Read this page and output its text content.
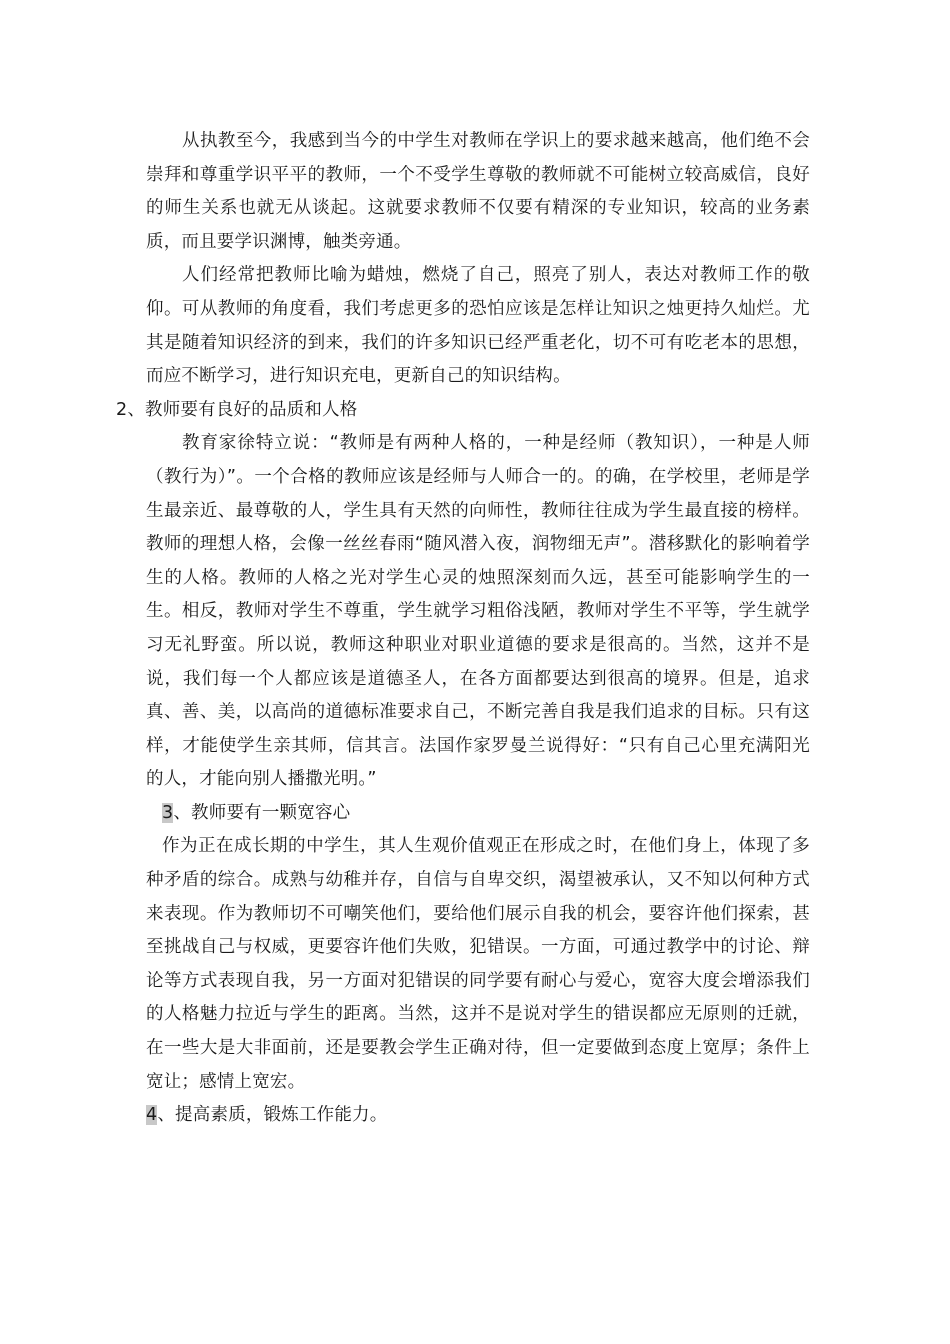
从执教至今，我感到当今的中学生对教师在学识上的要求越来越高，他们绝不会崇拜和尊重学识平平的教师，一个不受学生尊敬的教师就不可能树立较高威信，良好的师生关系也就无从谈起。这就要求教师不仅要有精深的专业知识，较高的业务素质，而且要学识渊博，触类旁通。

人们经常把教师比喻为蜡烛，燃烧了自己，照亮了别人，表达对教师工作的敬仰。可从教师的角度看，我们考虑更多的恐怕应该是怎样让知识之烛更持久灿烂。尤其是随着知识经济的到来，我们的许多知识已经严重老化，切不可有吃老本的思想，而应不断学习，进行知识充电，更新自己的知识结构。

2、教师要有良好的品质和人格

教育家徐特立说：“教师是有两种人格的，一种是经师（教知识），一种是人师（教行为）”。一个合格的教师应该是经师与人师合一的。的确，在学校里，老师是学生最亲近、最尊敬的人，学生具有天然的向师性，教师往往成为学生最直接的榜样。教师的理想人格，会像一丝丝春雨“随风潜入夜，润物细无声”。潜移默化的影响着学生的人格。教师的人格之光对学生心灵的烛照深刻而久远，甚至可能影响学生的一生。相反，教师对学生不尊重，学生就学习粗俗浅陋，教师对学生不平等，学生就学习无礼野蛮。所以说，教师这种职业对职业道德的要求是很高的。当然，这并不是说，我们每一个人都应该是道德圣人，在各方面都要达到很高的境界。但是，追求真、善、美，以高尚的道德标准要求自己，不断完善自我是我们追求的目标。只有这样，才能使学生亲其师，信其言。法国作家罗曼兰说得好：“只有自己心里充满阳光的人，才能向别人播撒光明。”

3、教师要有一颗宽容心

作为正在成长期的中学生，其人生观价值观正在形成之时，在他们身上，体现了多种矛盾的综合。成熟与幼稚并存，自信与自卑交织，渴望被承认，又不知以何种方式来表现。作为教师切不可嘲笑他们，要给他们展示自我的机会，要容许他们探索，甚至挑战自己与权威，更要容许他们失败，犯错误。一方面，可通过教学中的讨论、辩论等方式表现自我，另一方面对犯错误的同学要有耐心与爱心，宽容大度会增添我们的人格魅力拉近与学生的距离。当然，这并不是说对学生的错误都应无原则的迁就，在一些大是大非面前，还是要教会学生正确对待，但一定要做到态度上宽厚；条件上宽让；感情上宽宏。

4、提高素质，锻炼工作能力。
